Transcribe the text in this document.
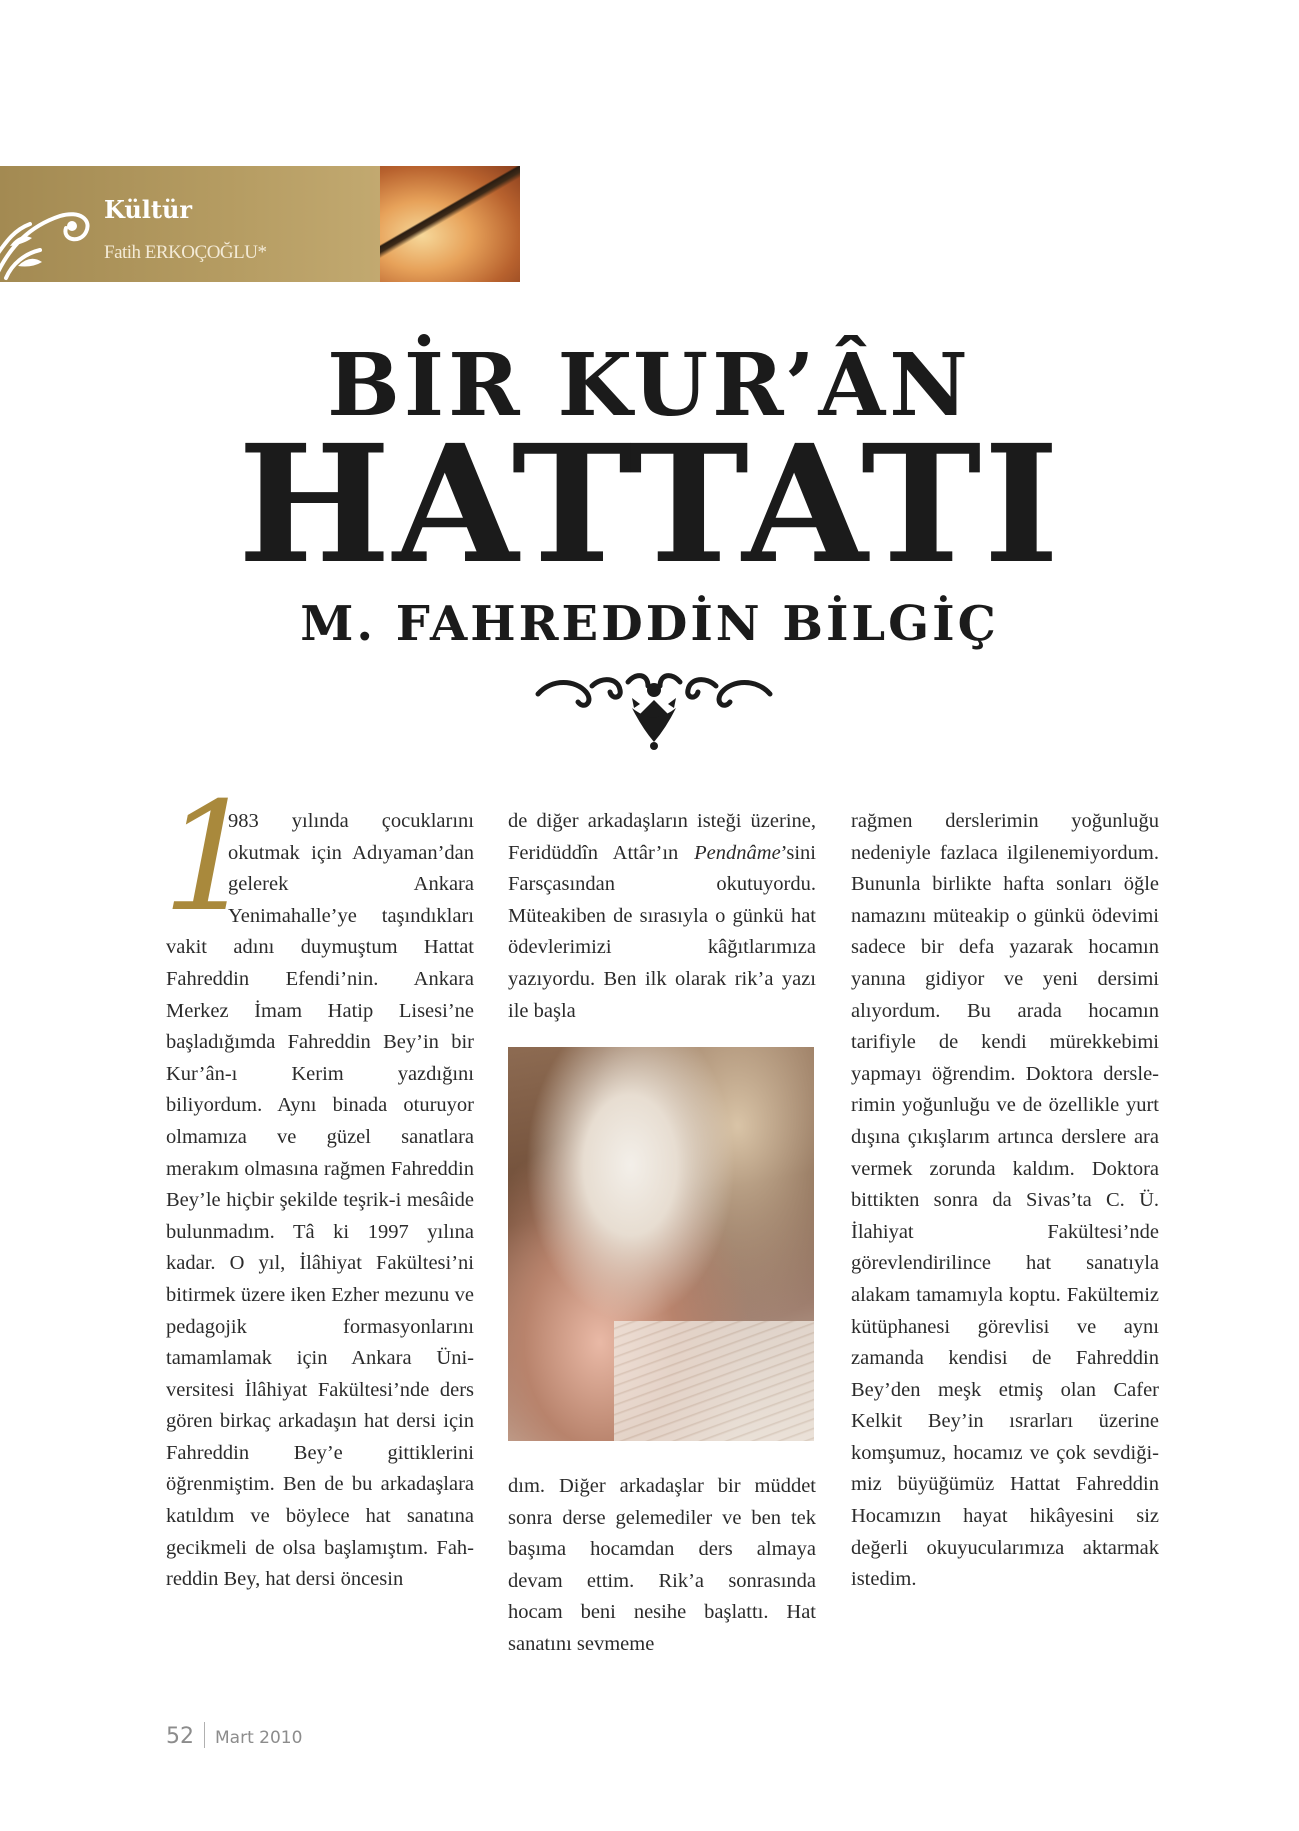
Kültür
Fatih ERKOÇOĞLU*
BİR KUR’ÂN
HATTATI
M. FAHREDDİN BİLGİÇ
1

983 yılında çocuklarını okutmak için Adıyaman’dan gelerek Ankara Yenimahalle’ye taşındıkları vakit adını duymuştum Hattat Fahreddin Efendi’nin. Ankara Merkez İmam Hatip Lisesi’ne başladığımda Fahreddin Bey’in bir Kur’ân-ı Kerim yazdığını biliyordum. Aynı binada oturuyor olmamıza ve güzel sanatlara merakım olmasına rağmen Fahreddin Bey’le hiçbir şekilde teşrik-i mesâide bulunmadım. Tâ ki 1997 yılına kadar. O yıl, İlâhiyat Fakültesi’ni bitirmek üzere iken Ezher mezunu ve pedagojik formasyonlarını tamamlamak için Ankara Üniversitesi İlâhiyat Fakültesi’nde ders gören birkaç arkadaşın hat dersi için Fahreddin Bey’e gittiklerini öğrenmiştim. Ben de bu arkadaşlara katıldım ve böylece hat sanatına gecikmeli de olsa başlamıştım. Fahreddin Bey, hat dersi öncesin

de diğer arkadaşların isteği üzerine, Feridüddîn Attâr’ın Pendnâme’sini Farsçasından okutuyordu. Müteakiben de sırasıyla o günkü hat ödevlerimizi kâğıtlarımıza yazıyordu. Ben ilk olarak rik’a yazı ile başla

dım. Diğer arkadaşlar bir müddet sonra derse gelemediler ve ben tek başıma hocamdan ders almaya devam ettim. Rik’a sonrasında hocam beni nesihe başlattı. Hat sanatını sevmeme

rağmen derslerimin yoğunluğu nedeniyle fazlaca ilgilenemiyordum. Bununla birlikte hafta sonları öğle namazını müteakip o günkü ödevimi sadece bir defa yazarak hocamın yanına gidiyor ve yeni dersimi alıyordum. Bu arada hocamın tarifiyle de kendi mürekkebimi yapmayı öğrendim. Doktora derslerimin yoğunluğu ve de özellikle yurt dışına çıkışlarım artınca derslere ara vermek zorunda kaldım. Doktora bittikten sonra da Sivas’ta C. Ü. İlahiyat Fakültesi’nde görevlendirilince hat sanatıyla alakam tamamıyla koptu. Fakültemiz kütüphanesi görevlisi ve aynı zamanda kendisi de Fahreddin Bey’den meşk etmiş olan Cafer Kelkit Bey’in ısrarları üzerine komşumuz, hocamız ve çok sevdiğimiz büyüğümüz Hattat Fahreddin Hocamızın hayat hikâyesini siz değerli okuyucularımıza aktarmak istedim.

52 Mart 2010
